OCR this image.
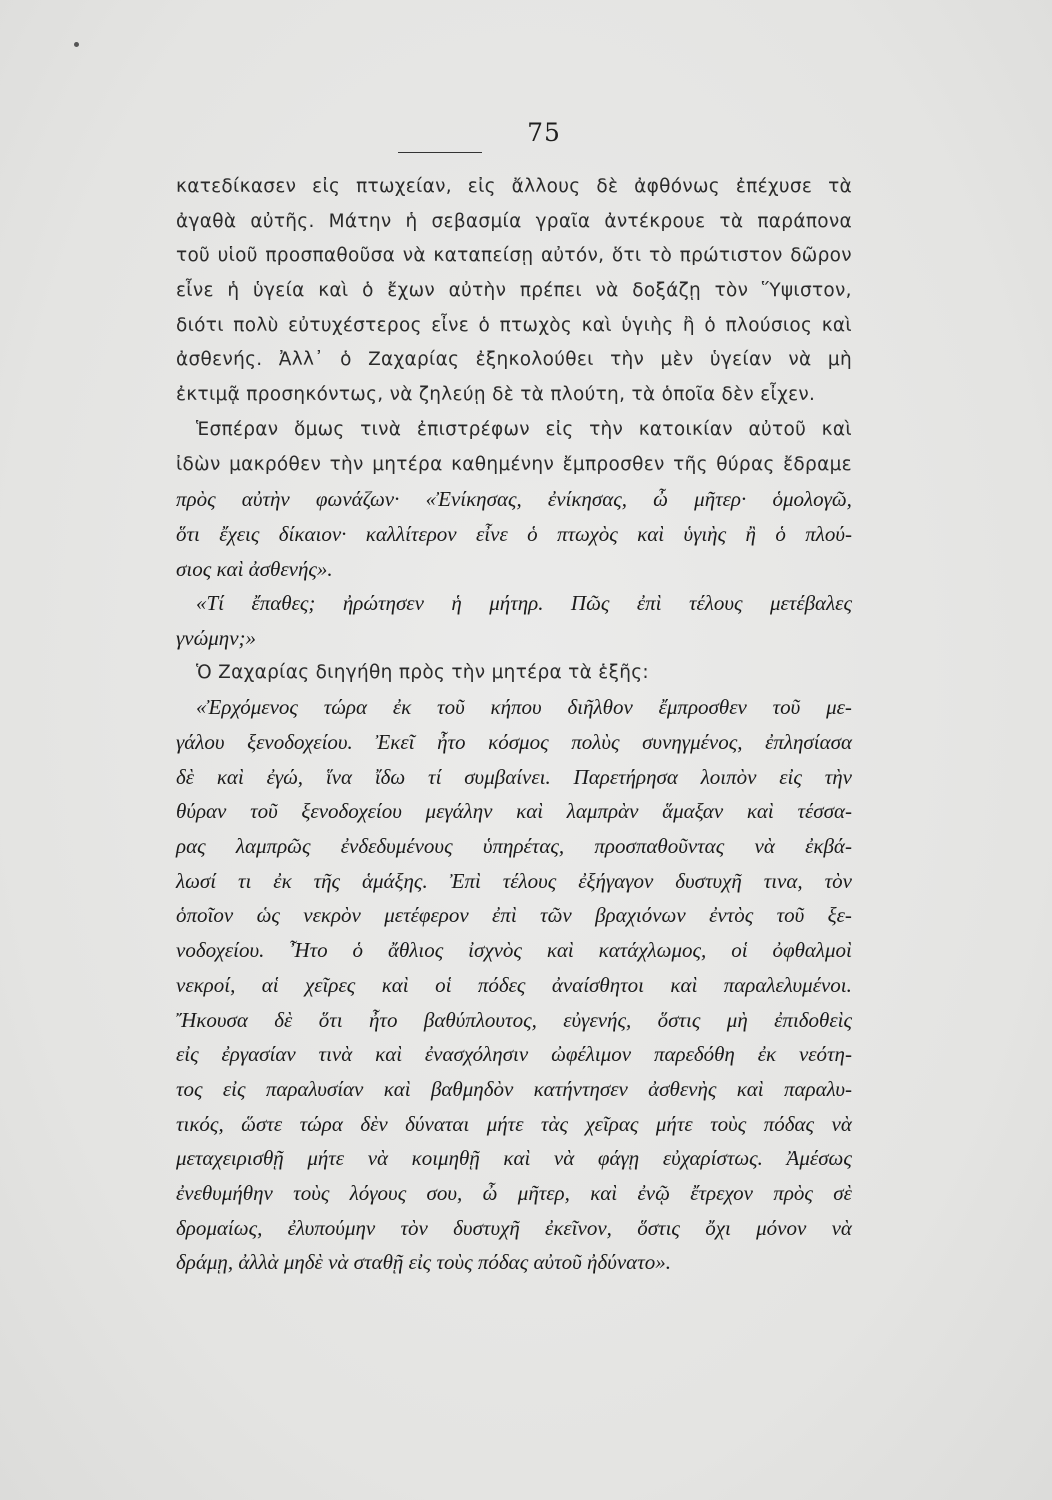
75
κατεδίκασεν εἰς πτωχείαν, εἰς ἄλλους δὲ ἀφθόνως ἐπέχυσε τὰ
ἀγαθὰ αὐτῆς. Μάτην ἡ σεβασμία γραῖα ἀντέκρουε τὰ παράπονα
τοῦ υἱοῦ προσπαθοῦσα νὰ καταπείσῃ αὐτόν, ὅτι τὸ πρώτιστον δῶρον
εἶνε ἡ ὑγεία καὶ ὁ ἔχων αὐτὴν πρέπει νὰ δοξάζῃ τὸν Ὕψιστον,
διότι πολὺ εὐτυχέστερος εἶνε ὁ πτωχὸς καὶ ὑγιὴς ἢ ὁ πλούσιος καὶ
ἀσθενής. Ἀλλ᾽ ὁ Ζαχαρίας ἐξηκολούθει τὴν μὲν ὑγείαν νὰ μὴ
ἐκτιμᾷ προσηκόντως, νὰ ζηλεύῃ δὲ τὰ πλούτη, τὰ ὁποῖα δὲν εἶχεν.
Ἑσπέραν ὅμως τινὰ ἐπιστρέφων εἰς τὴν κατοικίαν αὐτοῦ καὶ
ἰδὼν μακρόθεν τὴν μητέρα καθημένην ἔμπροσθεν τῆς θύρας ἔδραμε
πρὸς αὐτὴν φωνάζων· «Ἐνίκησας, ἐνίκησας, ὦ μῆτερ· ὁμολογῶ,
ὅτι ἔχεις δίκαιον· καλλίτερον εἶνε ὁ πτωχὸς καὶ ὑγιὴς ἢ ὁ πλού-
σιος καὶ ἀσθενής».
«Τί ἔπαθες; ἠρώτησεν ἡ μήτηρ. Πῶς ἐπὶ τέλους μετέβαλες
γνώμην;»
Ὁ Ζαχαρίας διηγήθη πρὸς τὴν μητέρα τὰ ἑξῆς:
«Ἐρχόμενος τώρα ἐκ τοῦ κήπου διῆλθον ἔμπροσθεν τοῦ με-
γάλου ξενοδοχείου. Ἐκεῖ ἦτο κόσμος πολὺς συνηγμένος, ἐπλησίασα
δὲ καὶ ἐγώ, ἵνα ἴδω τί συμβαίνει. Παρετήρησα λοιπὸν εἰς τὴν
θύραν τοῦ ξενοδοχείου μεγάλην καὶ λαμπρὰν ἅμαξαν καὶ τέσσα-
ρας λαμπρῶς ἐνδεδυμένους ὑπηρέτας, προσπαθοῦντας νὰ ἐκβά-
λωσί τι ἐκ τῆς ἁμάξης. Ἐπὶ τέλους ἐξήγαγον δυστυχῆ τινα, τὸν
ὁποῖον ὡς νεκρὸν μετέφερον ἐπὶ τῶν βραχιόνων ἐντὸς τοῦ ξε-
νοδοχείου. Ἦτο ὁ ἄθλιος ἰσχνὸς καὶ κατάχλωμος, οἱ ὀφθαλμοὶ
νεκροί, αἱ χεῖρες καὶ οἱ πόδες ἀναίσθητοι καὶ παραλελυμένοι.
Ἤκουσα δὲ ὅτι ἦτο βαθύπλουτος, εὐγενής, ὅστις μὴ ἐπιδοθεὶς
εἰς ἐργασίαν τινὰ καὶ ἐνασχόλησιν ὠφέλιμον παρεδόθη ἐκ νεότη-
τος εἰς παραλυσίαν καὶ βαθμηδὸν κατήντησεν ἀσθενὴς καὶ παραλυ-
τικός, ὥστε τώρα δὲν δύναται μήτε τὰς χεῖρας μήτε τοὺς πόδας νὰ
μεταχειρισθῇ μήτε νὰ κοιμηθῇ καὶ νὰ φάγῃ εὐχαρίστως. Ἀμέσως
ἐνεθυμήθην τοὺς λόγους σου, ὦ μῆτερ, καὶ ἐνῷ ἔτρεχον πρὸς σὲ
δρομαίως, ἐλυπούμην τὸν δυστυχῆ ἐκεῖνον, ὅστις ὄχι μόνον νὰ
δράμῃ, ἀλλὰ μηδὲ νὰ σταθῇ εἰς τοὺς πόδας αὐτοῦ ἠδύνατο».
